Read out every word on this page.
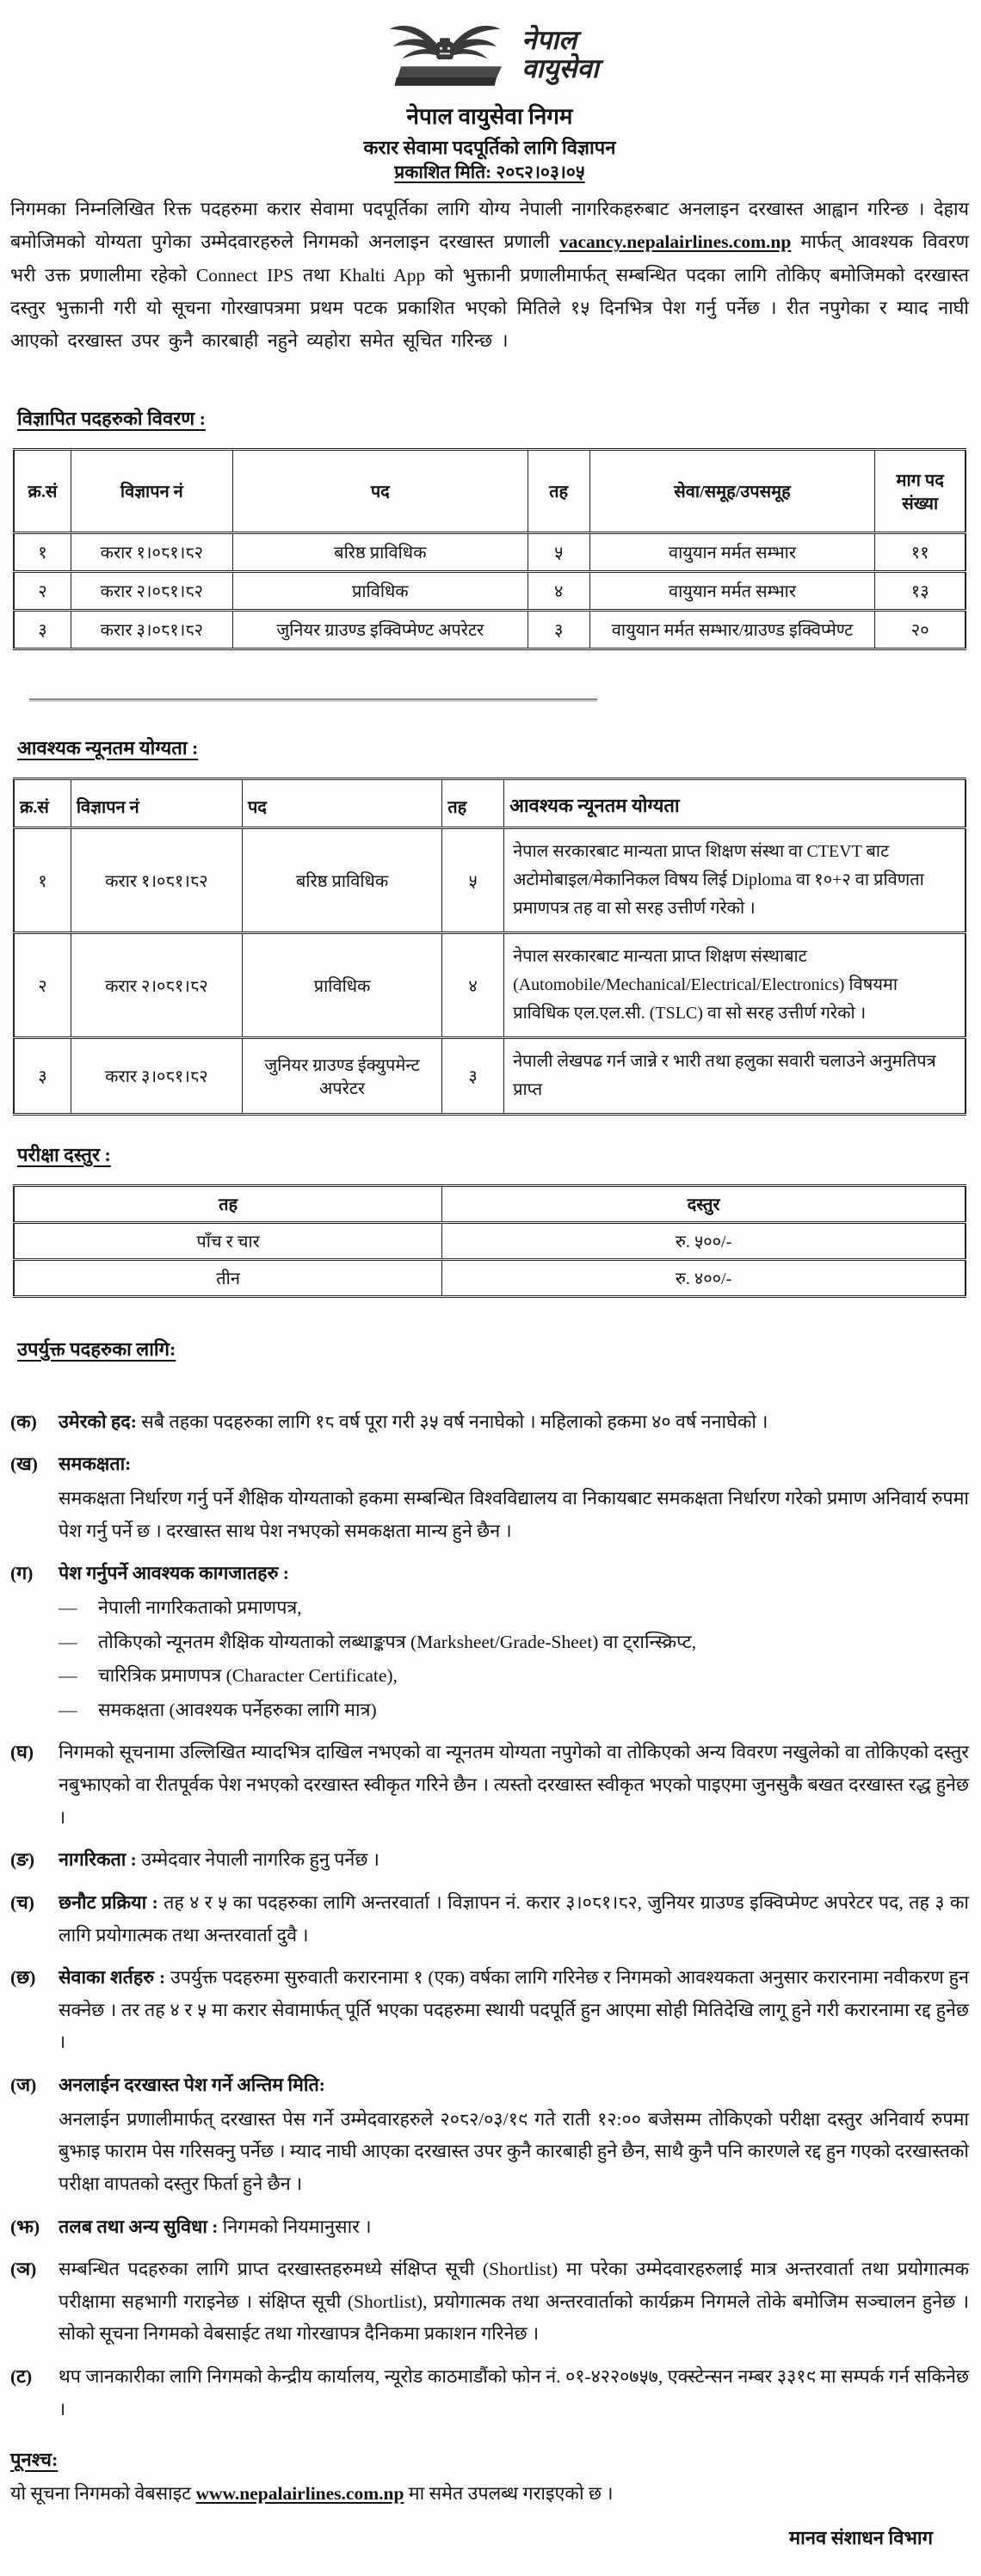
नेपाल
वायुसेवा
नेपाल वायुसेवा निगम
करार सेवामा पदपूर्तिको लागि विज्ञापन
प्रकाशित मिति: २०८२।०३।०५

निगमका निम्नलिखित रिक्त पदहरुमा करार सेवामा पदपूर्तिका लागि योग्य नेपाली नागरिकहरुबाट अनलाइन दरखास्त आह्वान गरिन्छ । देहाय बमोजिमको योग्यता पुगेका उम्मेदवारहरुले निगमको अनलाइन दरखास्त प्रणाली vacancy.nepalairlines.com.np मार्फत् आवश्यक विवरण भरी उक्त प्रणालीमा रहेको Connect IPS तथा Khalti App को भुक्तानी प्रणालीमार्फत् सम्बन्धित पदका लागि तोकिए बमोजिमको दरखास्त दस्तुर भुक्तानी गरी यो सूचना गोरखापत्रमा प्रथम पटक प्रकाशित भएको मितिले १५ दिनभित्र पेश गर्नु पर्नेछ । रीत नपुगेका र म्याद नाघी आएको दरखास्त उपर कुनै कारबाही नहुने व्यहोरा समेत सूचित गरिन्छ ।

विज्ञापित पदहरुको विवरण :
क्र.सं	विज्ञापन नं	पद	तह	सेवा/समूह/उपसमूह	माग पद संख्या
१	करार १।०८१।८२	बरिष्ठ प्राविधिक	५	वायुयान मर्मत सम्भार	११
२	करार २।०८१।८२	प्राविधिक	४	वायुयान मर्मत सम्भार	१३
३	करार ३।०८१।८२	जुनियर ग्राउण्ड इक्विप्मेण्ट अपरेटर	३	वायुयान मर्मत सम्भार/ग्राउण्ड इक्विप्मेण्ट	२०
आवश्यक न्यूनतम योग्यता :
क्र.सं	विज्ञापन नं	पद	तह	आवश्यक न्यूनतम योग्यता
१	करार १।०८१।८२	बरिष्ठ प्राविधिक	५	नेपाल सरकारबाट मान्यता प्राप्त शिक्षण संस्था वा CTEVT बाट अटोमोबाइल/मेकानिकल विषय लिई Diploma वा १०+२ वा प्रविणता प्रमाणपत्र तह वा सो सरह उत्तीर्ण गरेको ।
२	करार २।०८१।८२	प्राविधिक	४	नेपाल सरकारबाट मान्यता प्राप्त शिक्षण संस्थाबाट (Automobile/Mechanical/Electrical/Electronics) विषयमा प्राविधिक एल.एल.सी. (TSLC) वा सो सरह उत्तीर्ण गरेको ।
३	करार ३।०८१।८२	जुनियर ग्राउण्ड ईक्युपमेन्ट अपरेटर	३	नेपाली लेखपढ गर्न जान्ने र भारी तथा हलुका सवारी चलाउने अनुमतिपत्र प्राप्त
परीक्षा दस्तुर :
तह	दस्तुर
पाँच र चार	रु. ५००/-
तीन	रु. ४००/-
उपर्युक्त पदहरुका लागि:
(क)	उमेरको हद: सबै तहका पदहरुका लागि १८ वर्ष पूरा गरी ३५ वर्ष ननाघेको । महिलाको हकमा ४० वर्ष ननाघेको ।
(ख)	समकक्षता:
समकक्षता निर्धारण गर्नु पर्ने शैक्षिक योग्यताको हकमा सम्बन्धित विश्वविद्यालय वा निकायबाट समकक्षता निर्धारण गरेको प्रमाण अनिवार्य रुपमा पेश गर्नु पर्ने छ । दरखास्त साथ पेश नभएको समकक्षता मान्य हुने छैन ।
(ग)	पेश गर्नुपर्ने आवश्यक कागजातहरु :
—	नेपाली नागरिकताको प्रमाणपत्र,
—	तोकिएको न्यूनतम शैक्षिक योग्यताको लब्धाङ्कपत्र (Marksheet/Grade-Sheet) वा ट्रान्स्क्रिप्ट,
—	चारित्रिक प्रमाणपत्र (Character Certificate),
—	समकक्षता (आवश्यक पर्नेहरुका लागि मात्र)
(घ)	निगमको सूचनामा उल्लिखित म्यादभित्र दाखिल नभएको वा न्यूनतम योग्यता नपुगेको वा तोकिएको अन्य विवरण नखुलेको वा तोकिएको दस्तुर नबुझाएको वा रीतपूर्वक पेश नभएको दरखास्त स्वीकृत गरिने छैन । त्यस्तो दरखास्त स्वीकृत भएको पाइएमा जुनसुकै बखत दरखास्त रद्ध हुनेछ ।
(ङ)	नागरिकता : उम्मेदवार नेपाली नागरिक हुनु पर्नेछ ।
(च)	छनौट प्रक्रिया : तह ४ र ५ का पदहरुका लागि अन्तरवार्ता । विज्ञापन नं. करार ३।०८१।८२, जुनियर ग्राउण्ड इक्विप्मेण्ट अपरेटर पद, तह ३ का लागि प्रयोगात्मक तथा अन्तरवार्ता दुवै ।
(छ)	सेवाका शर्तहरु : उपर्युक्त पदहरुमा सुरुवाती करारनामा १ (एक) वर्षका लागि गरिनेछ र निगमको आवश्यकता अनुसार करारनामा नवीकरण हुन सक्नेछ । तर तह ४ र ५ मा करार सेवामार्फत् पूर्ति भएका पदहरुमा स्थायी पदपूर्ति हुन आएमा सोही मितिदेखि लागू हुने गरी करारनामा रद्द हुनेछ ।
(ज)	अनलाईन दरखास्त पेश गर्ने अन्तिम मिति:
अनलाईन प्रणालीमार्फत् दरखास्त पेस गर्ने उम्मेदवारहरुले २०८२/०३/१९ गते राती १२:०० बजेसम्म तोकिएको परीक्षा दस्तुर अनिवार्य रुपमा बुझाइ फाराम पेस गरिसक्नु पर्नेछ । म्याद नाघी आएका दरखास्त उपर कुनै कारबाही हुने छैन, साथै कुनै पनि कारणले रद्द हुन गएको दरखास्तको परीक्षा वापतको दस्तुर फिर्ता हुने छैन ।
(झ)	तलब तथा अन्य सुविधा : निगमको नियमानुसार ।
(ञ)	सम्बन्धित पदहरुका लागि प्राप्त दरखास्तहरुमध्ये संक्षिप्त सूची (Shortlist) मा परेका उम्मेदवारहरुलाई मात्र अन्तरवार्ता तथा प्रयोगात्मक परीक्षामा सहभागी गराइनेछ । संक्षिप्त सूची (Shortlist), प्रयोगात्मक तथा अन्तरवार्ताको कार्यक्रम निगमले तोके बमोजिम सञ्चालन हुनेछ । सोको सूचना निगमको वेबसाईट तथा गोरखापत्र दैनिकमा प्रकाशन गरिनेछ ।
(ट)	थप जानकारीका लागि निगमको केन्द्रीय कार्यालय, न्यूरोड काठमाडौंको फोन नं. ०१-४२२०७५७, एक्स्टेन्सन नम्बर ३३१९ मा सम्पर्क गर्न सकिनेछ ।
पूनश्च:

यो सूचना निगमको वेबसाइट www.nepalairlines.com.np मा समेत उपलब्ध गराइएको छ ।

मानव संशाधन विभाग
